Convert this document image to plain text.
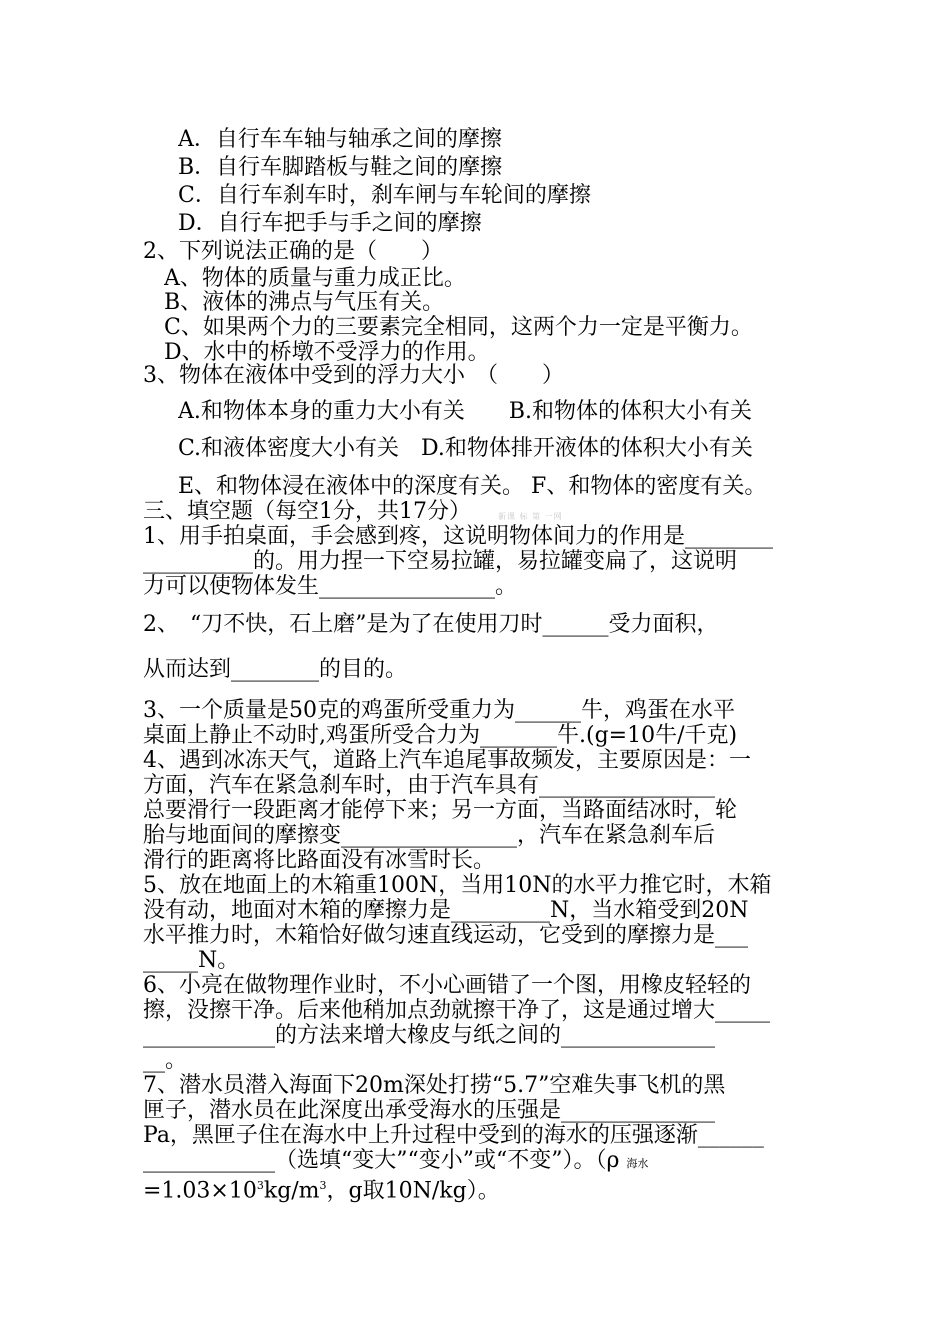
A．自行车车轴与轴承之间的摩擦
B．自行车脚踏板与鞋之间的摩擦
C．自行车刹车时，刹车闸与车轮间的摩擦
D．自行车把手与手之间的摩擦
2、下列说法正确的是（　　）
A、物体的质量与重力成正比。
B、液体的沸点与气压有关。
C、如果两个力的三要素完全相同，这两个力一定是平衡力。
D、水中的桥墩不受浮力的作用。
3、物体在液体中受到的浮力大小　（　　）
A.和物体本身的重力大小有关　　B.和物体的体积大小有关
C.和液体密度大小有关　D.和物体排开液体的体积大小有关
E、和物体浸在液体中的深度有关。 F、和物体的密度有关。
三、填空题（每空1分，共17分）	新课 标 第 一网
1、用手拍桌面，手会感到疼，这说明物体间力的作用是________
__________的。用力捏一下空易拉罐，易拉罐变扁了，这说明
力可以使物体发生________________。
2、　“刀不快，石上磨”是为了在使用刀时______受力面积，
从而达到________的目的。
3、一个质量是50克的鸡蛋所受重力为______牛，鸡蛋在水平
桌面上静止不动时,鸡蛋所受合力为_______牛.(g=10牛/千克)
4、遇到冰冻天气，道路上汽车追尾事故频发，主要原因是：一
方面，汽车在紧急刹车时，由于汽车具有________________
总要滑行一段距离才能停下来；另一方面，当路面结冰时，轮
胎与地面间的摩擦变________________，汽车在紧急刹车后
滑行的距离将比路面没有冰雪时长。
5、放在地面上的木箱重100N，当用10N的水平力推它时，木箱
没有动，地面对木箱的摩擦力是_________N，当水箱受到20N
水平推力时，木箱恰好做匀速直线运动，它受到的摩擦力是___
_____N。
6、小亮在做物理作业时，不小心画错了一个图，用橡皮轻轻的
擦，没擦干净。后来他稍加点劲就擦干净了，这是通过增大_____
____________的方法来增大橡皮与纸之间的______________
__。
7、潜水员潜入海面下20m深处打捞“5.7”空难失事飞机的黑
匣子，潜水员在此深度出承受海水的压强是______________
Pa，黑匣子住在海水中上升过程中受到的海水的压强逐渐______
____________（选填“变大”“变小”或“不变”）。（ρ 海水
$=1.03\times 10^3kg/m^3$，g取10N/kg）。
